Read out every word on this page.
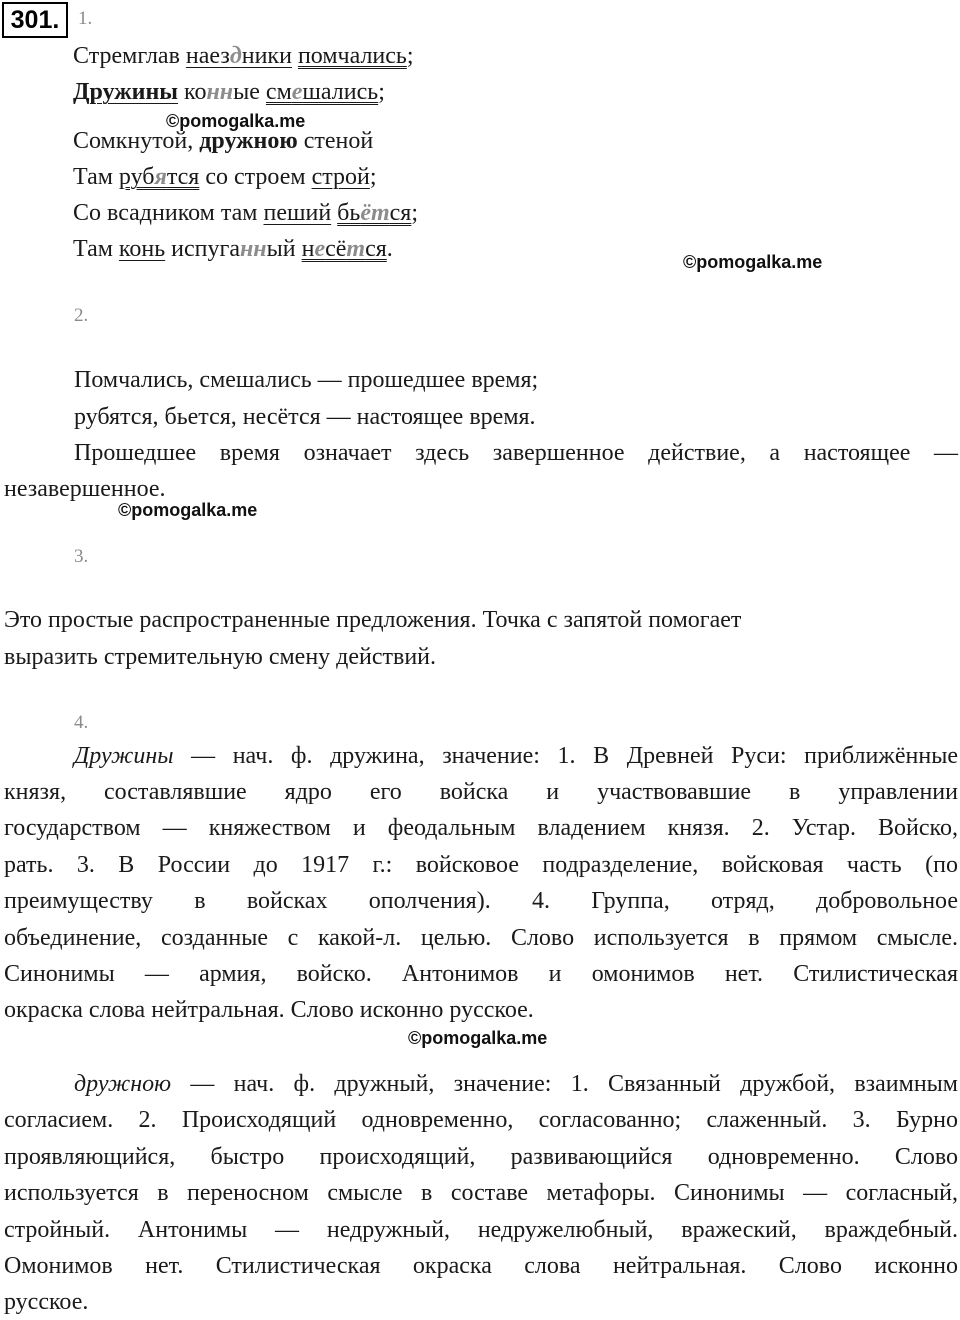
301. 1.
Стремглав наездники помчались;
Дружины конные смешались;
©pomogalka.me
Сомкнутой, дружною стеной
Там рубятся со строем строй;
Со всадником там пеший бьётся;
Там конь испуганный несётся.	©pomogalka.me
2.
Помчались, смешались — прошедшее время;
рубятся, бьется, несётся — настоящее время.
Прошедшее время означает здесь завершенное действие, а настоящее —
незавершенное.
©pomogalka.me
3.
Это простые распространенные предложения. Точка с запятой помогает
выразить стремительную смену действий.
4.
Дружины — нач. ф. дружина, значение: 1. В Древней Руси: приближённые
князя, составлявшие ядро его войска и участвовавшие в управлении
государством — княжеством и феодальным владением князя. 2. Устар. Войско,
рать. 3. В России до 1917 г.: войсковое подразделение, войсковая часть (по
преимуществу в войсках ополчения). 4. Группа, отряд, добровольное
объединение, созданные с какой-л. целью. Слово используется в прямом смысле.
Синонимы — армия, войско. Антонимов и омонимов нет. Стилистическая
окраска слова нейтральная. Слово исконно русское.
©pomogalka.me
дружною — нач. ф. дружный, значение: 1. Связанный дружбой, взаимным
согласием. 2. Происходящий одновременно, согласованно; слаженный. 3. Бурно
проявляющийся, быстро происходящий, развивающийся одновременно. Слово
используется в переносном смысле в составе метафоры. Синонимы — согласный,
стройный. Антонимы — недружный, недружелюбный, вражеский, враждебный.
Омонимов нет. Стилистическая окраска слова нейтральная. Слово исконно
русское.
